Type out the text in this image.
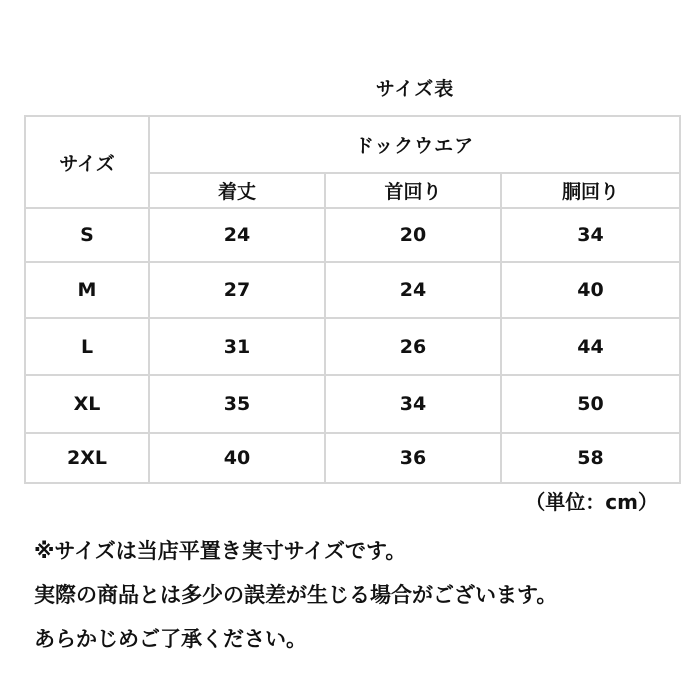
サイズ表
サイズ	ドックウエア		
	着丈	首回り	胴回り
S	24	20	34
M	27	24	40
L	31	26	44
XL	35	34	50
2XL	40	36	58
（単位：cm）
※サイズは当店平置き実寸サイズです。
実際の商品とは多少の誤差が生じる場合がございます。
あらかじめご了承ください。
